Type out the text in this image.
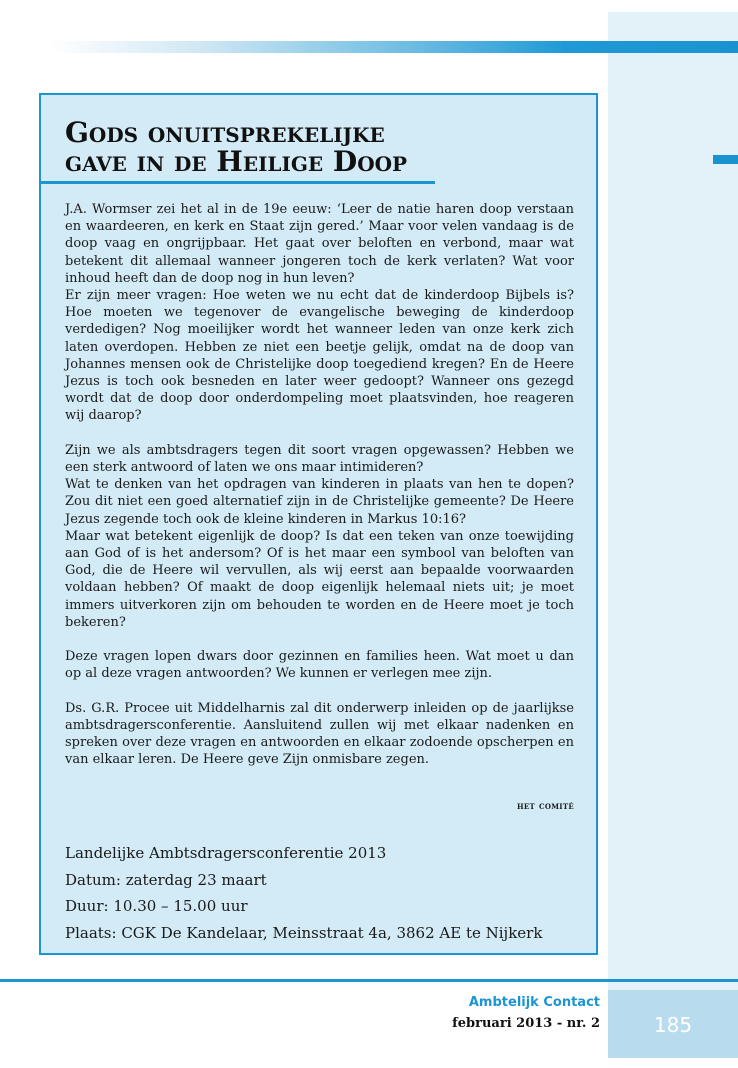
Gods onuitsprekelijke
gave in de Heilige Doop

J.A. Wormser zei het al in de 19e eeuw: ‘Leer de natie haren doop verstaan en waardeeren, en kerk en Staat zijn gered.’ Maar voor velen vandaag is de doop vaag en ongrijpbaar. Het gaat over beloften en verbond, maar wat betekent dit allemaal wanneer jongeren toch de kerk verlaten? Wat voor inhoud heeft dan de doop nog in hun leven?

Er zijn meer vragen: Hoe weten we nu echt dat de kinderdoop Bijbels is? Hoe moeten we tegenover de evangelische beweging de kinderdoop verdedigen? Nog moeilijker wordt het wanneer leden van onze kerk zich laten overdopen. Hebben ze niet een beetje gelijk, omdat na de doop van Johannes mensen ook de Christelijke doop toegediend kregen? En de Heere Jezus is toch ook besneden en later weer gedoopt? Wanneer ons gezegd wordt dat de doop door onderdompeling moet plaatsvinden, hoe reageren wij daarop?

Zijn we als ambtsdragers tegen dit soort vragen opgewassen? Hebben we een sterk antwoord of laten we ons maar intimideren?

Wat te denken van het opdragen van kinderen in plaats van hen te dopen? Zou dit niet een goed alternatief zijn in de Christelijke gemeente? De Heere Jezus zegende toch ook de kleine kinderen in Markus 10:16?

Maar wat betekent eigenlijk de doop? Is dat een teken van onze toewijding aan God of is het andersom? Of is het maar een symbool van beloften van God, die de Heere wil vervullen, als wij eerst aan bepaalde voorwaarden voldaan hebben? Of maakt de doop eigenlijk helemaal niets uit; je moet immers uitverkoren zijn om behouden te worden en de Heere moet je toch bekeren?

Deze vragen lopen dwars door gezinnen en families heen. Wat moet u dan op al deze vragen antwoorden? We kunnen er verlegen mee zijn.

Ds. G.R. Procee uit Middelharnis zal dit onderwerp inleiden op de jaarlijkse ambtsdragersconferentie. Aansluitend zullen wij met elkaar nadenken en spreken over deze vragen en antwoorden en elkaar zodoende opscherpen en van elkaar leren. De Heere geve Zijn onmisbare zegen.

het comité
Landelijke Ambtsdragersconferentie 2013
Datum: zaterdag 23 maart
Duur: 10.30 – 15.00 uur
Plaats: CGK De Kandelaar, Meinsstraat 4a, 3862 AE te Nijkerk
Ambtelijk Contact
februari 2013 - nr. 2	185
